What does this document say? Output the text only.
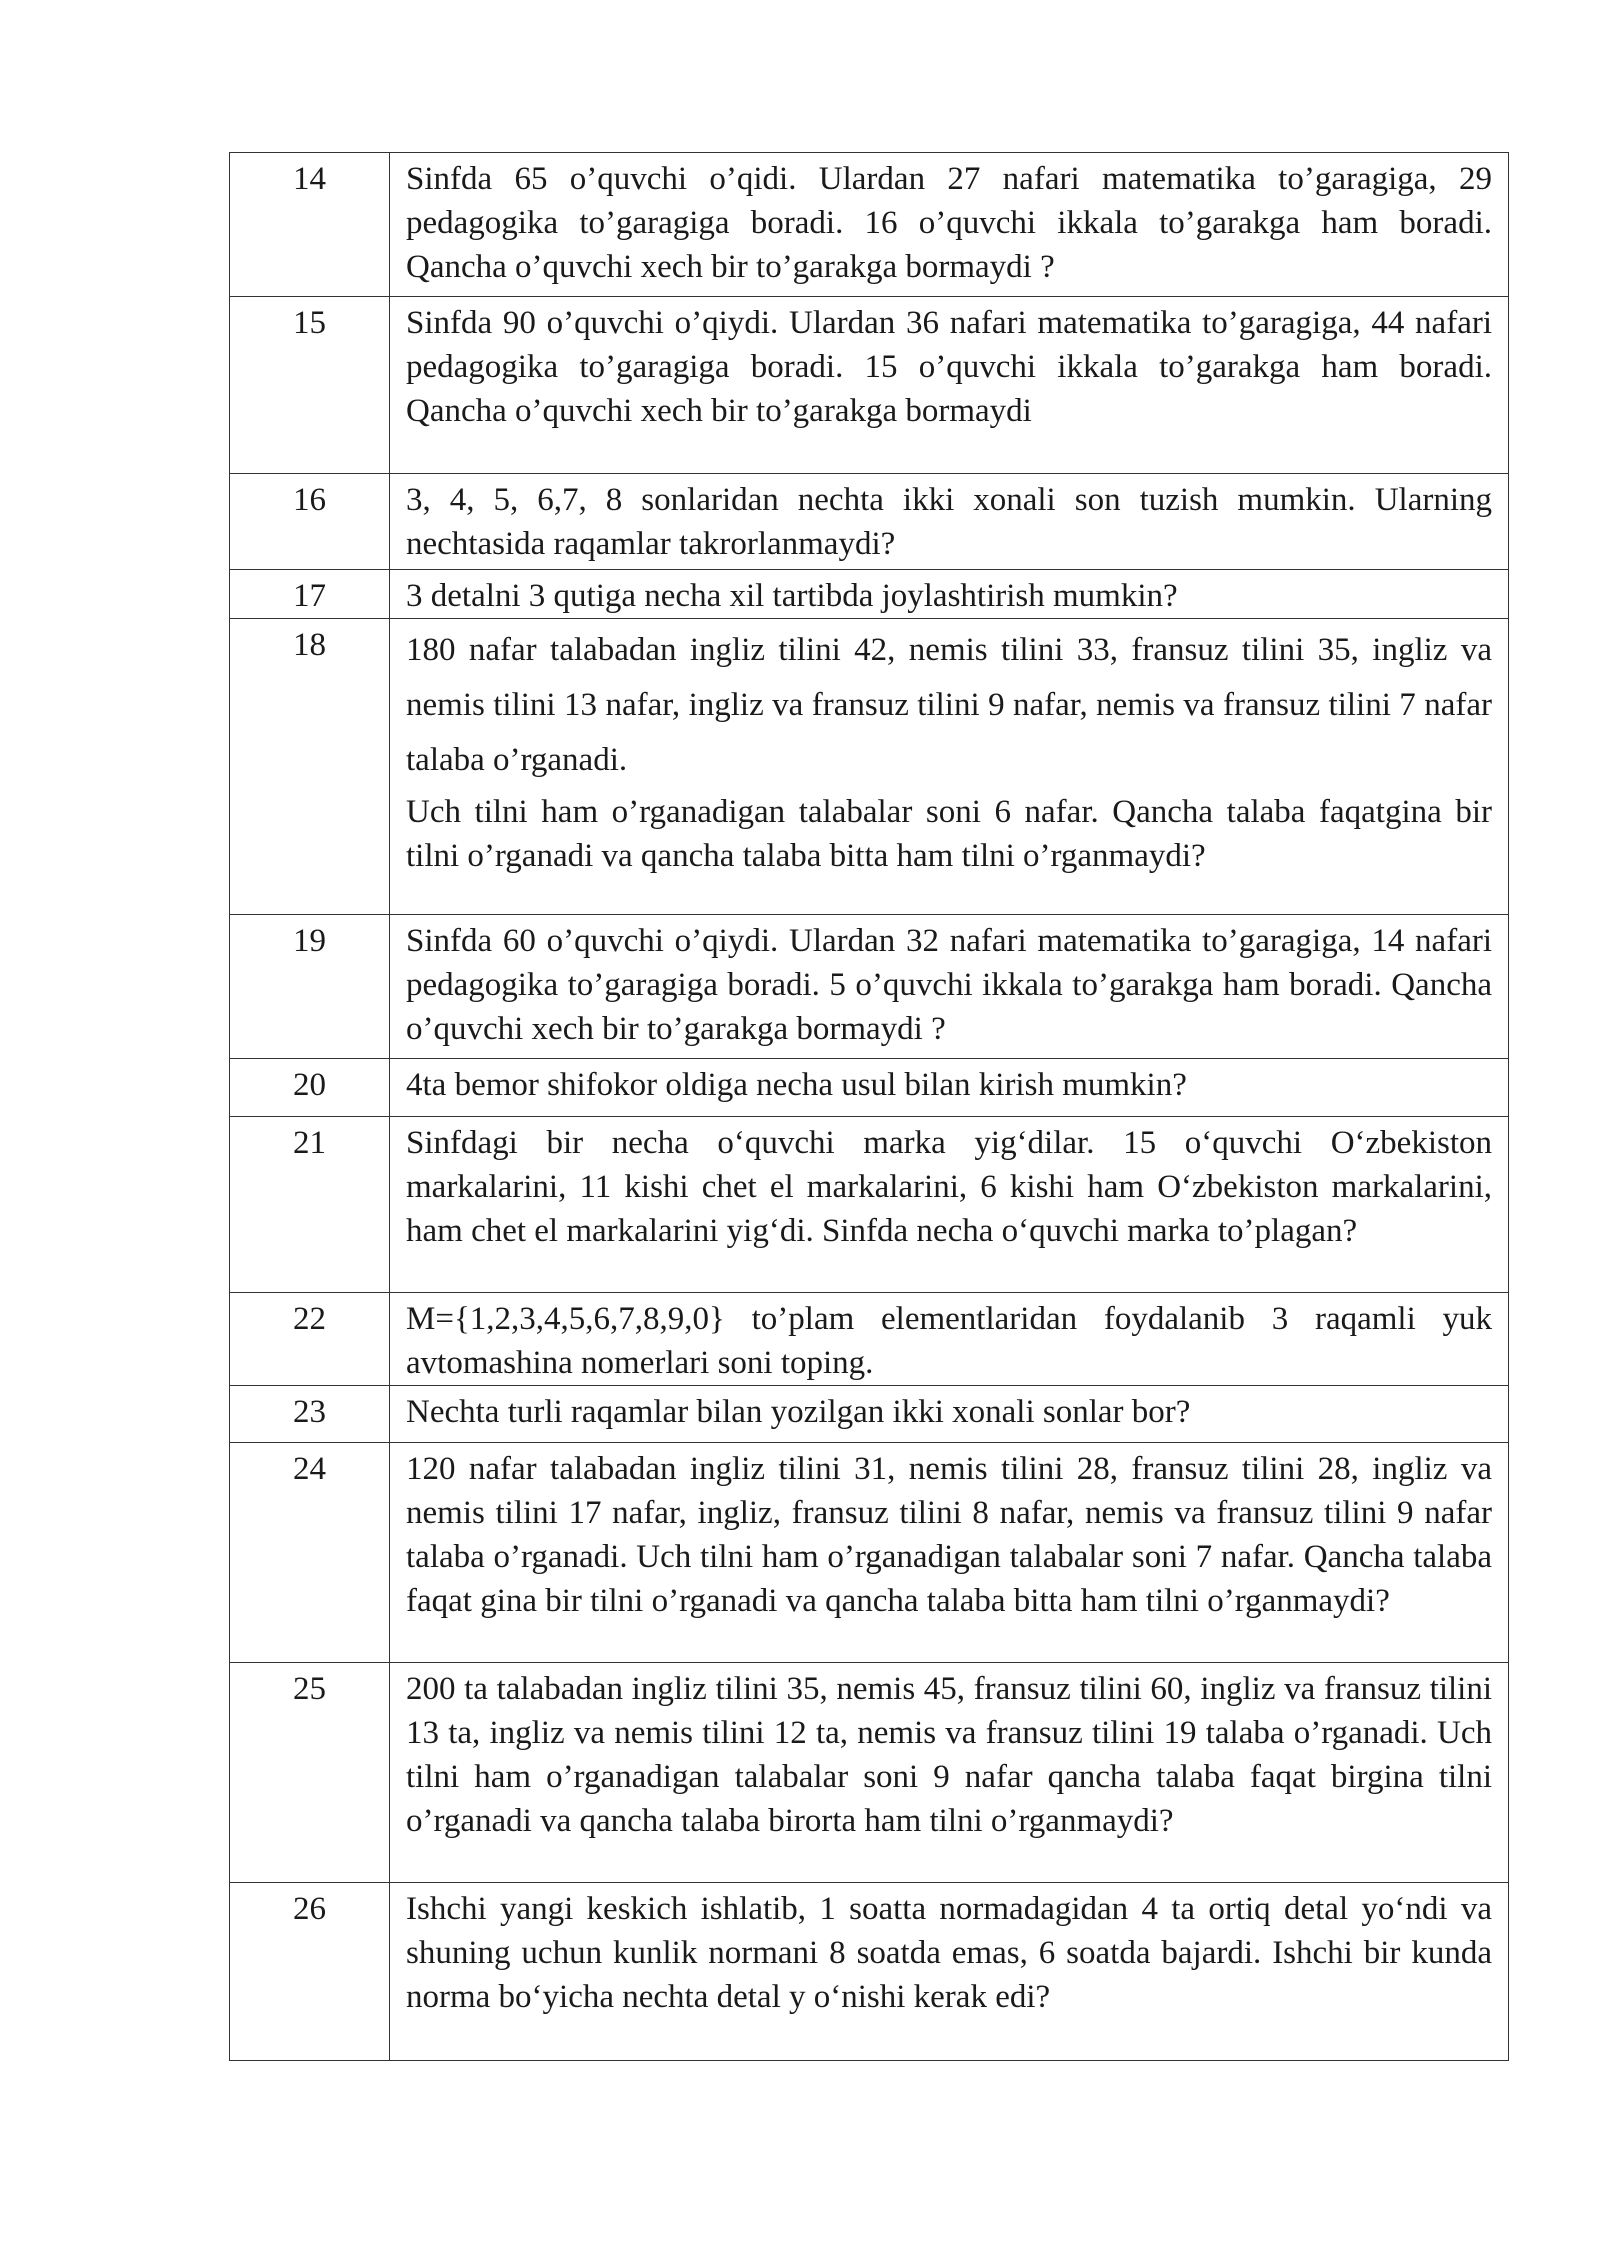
14	Sinfda 65 o’quvchi o’qidi. Ulardan 27 nafari matematika to’garagiga, 29 pedagogika to’garagiga boradi. 16 o’quvchi ikkala to’garakga ham boradi. Qancha o’quvchi xech bir to’garakga bormaydi ?

15	Sinfda 90 o’quvchi o’qiydi. Ulardan 36 nafari matematika to’garagiga, 44 nafari pedagogika to’garagiga boradi. 15 o’quvchi ikkala to’garakga ham boradi. Qancha o’quvchi xech bir to’garakga bormaydi

16	3, 4, 5, 6,7, 8 sonlaridan nechta ikki xonali son tuzish mumkin. Ularning nechtasida raqamlar takrorlanmaydi?

17	3 detalni 3 qutiga necha xil tartibda joylashtirish mumkin?

18	180 nafar talabadan ingliz tilini 42, nemis tilini 33, fransuz tilini 35, ingliz va nemis tilini 13 nafar, ingliz va fransuz tilini 9 nafar, nemis va fransuz tilini 7 nafar talaba o’rganadi.

Uch tilni ham o’rganadigan talabalar soni 6 nafar. Qancha talaba faqatgina bir tilni o’rganadi va qancha talaba bitta ham tilni o’rganmaydi?

19	Sinfda 60 o’quvchi o’qiydi. Ulardan 32 nafari matematika to’garagiga, 14 nafari pedagogika to’garagiga boradi. 5 o’quvchi ikkala to’garakga ham boradi. Qancha o’quvchi xech bir to’garakga bormaydi ?

20	4ta bemor shifokor oldiga necha usul bilan kirish mumkin?

21	Sinfdagi bir necha o‘quvchi marka yig‘dilar. 15 o‘quvchi O‘zbekiston markalarini, 11 kishi chet el markalarini, 6 kishi ham O‘zbekiston markalarini, ham chet el markalarini yig‘di. Sinfda necha o‘quvchi marka to’plagan?

22	M={1,2,3,4,5,6,7,8,9,0} to’plam elementlaridan foydalanib 3 raqamli yuk avtomashina nomerlari soni toping.

23	Nechta turli raqamlar bilan yozilgan ikki xonali sonlar bor?

24	120 nafar talabadan ingliz tilini 31, nemis tilini 28, fransuz tilini 28, ingliz va nemis tilini 17 nafar, ingliz, fransuz tilini 8 nafar, nemis va fransuz tilini 9 nafar talaba o’rganadi. Uch tilni ham o’rganadigan talabalar soni 7 nafar. Qancha talaba faqat gina bir tilni o’rganadi va qancha talaba bitta ham tilni o’rganmaydi?

25	200 ta talabadan ingliz tilini 35, nemis 45, fransuz tilini 60, ingliz va fransuz tilini 13 ta, ingliz va nemis tilini 12 ta, nemis va fransuz tilini 19 talaba o’rganadi. Uch tilni ham o’rganadigan talabalar soni 9 nafar qancha talaba faqat birgina tilni o’rganadi va qancha talaba birorta ham tilni o’rganmaydi?

26	Ishchi yangi keskich ishlatib, 1 soatta normadagidan 4 ta ortiq detal yo‘ndi va shuning uchun kunlik normani 8 soatda emas, 6 soatda bajardi. Ishchi bir kunda norma bo‘yicha nechta detal y o‘nishi kerak edi?
